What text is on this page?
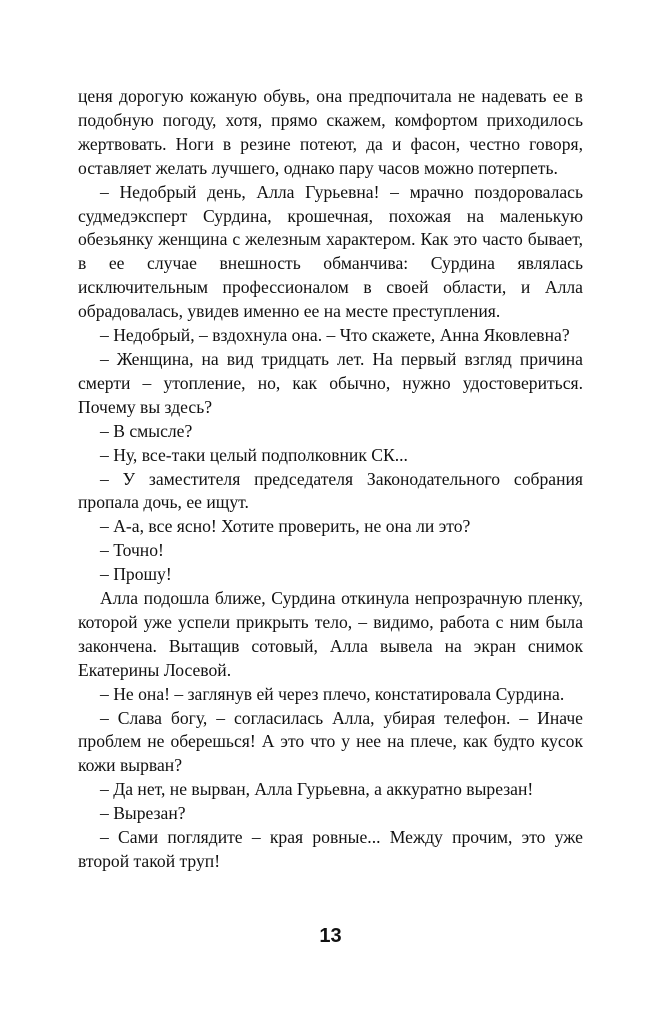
ценя дорогую кожаную обувь, она предпочитала не надевать ее в подобную погоду, хотя, прямо скажем, комфортом приходилось жертвовать. Ноги в резине потеют, да и фасон, честно говоря, оставляет желать лучшего, однако пару часов можно потерпеть.

– Недобрый день, Алла Гурьевна! – мрачно поздоровалась судмедэксперт Сурдина, крошечная, похожая на маленькую обезьянку женщина с железным характером. Как это часто бывает, в ее случае внешность обманчива: Сурдина являлась исключительным профессионалом в своей области, и Алла обрадовалась, увидев именно ее на месте преступления.

– Недобрый, – вздохнула она. – Что скажете, Анна Яковлевна?

– Женщина, на вид тридцать лет. На первый взгляд причина смерти – утопление, но, как обычно, нужно удостовериться. Почему вы здесь?

– В смысле?

– Ну, все-таки целый подполковник СК...

– У заместителя председателя Законодательного собрания пропала дочь, ее ищут.

– А-а, все ясно! Хотите проверить, не она ли это?

– Точно!

– Прошу!

Алла подошла ближе, Сурдина откинула непрозрачную пленку, которой уже успели прикрыть тело, – видимо, работа с ним была закончена. Вытащив сотовый, Алла вывела на экран снимок Екатерины Лосевой.

– Не она! – заглянув ей через плечо, констатировала Сурдина.

– Слава богу, – согласилась Алла, убирая телефон. – Иначе проблем не оберешься! А это что у нее на плече, как будто кусок кожи вырван?

– Да нет, не вырван, Алла Гурьевна, а аккуратно вырезан!

– Вырезан?

– Сами поглядите – края ровные... Между прочим, это уже второй такой труп!

13
